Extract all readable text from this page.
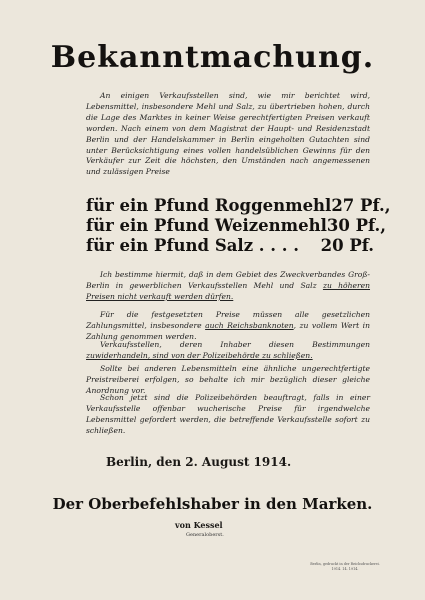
Bekanntmachung.
An einigen Verkaufsstellen sind, wie mir berichtet wird, Lebensmittel, insbesondere Mehl und Salz, zu übertrieben hohen, durch die Lage des Marktes in keiner Weise gerechtfertigten Preisen verkauft worden. Nach einem von dem Magistrat der Haupt- und Residenzstadt Berlin und der Handelskammer in Berlin eingeholten Gutachten sind unter Berücksichtigung eines vollen handelsüblichen Gewinns für den Verkäufer zur Zeit die höchsten, den Umständen nach angemessenen und zulässigen Preise
für ein Pfund Roggenmehl 27 Pf.,
für ein Pfund Weizenmehl 30 Pf.,
für ein Pfund Salz . . . . 20 Pf.
Ich bestimme hiermit, daß in dem Gebiet des Zweckverbandes Groß-Berlin in gewerblichen Verkaufsstellen Mehl und Salz zu höheren Preisen nicht verkauft werden dürfen.
Für die festgesetzten Preise müssen alle gesetzlichen Zahlungsmittel, insbesondere auch Reichsbanknoten, zu vollem Wert in Zahlung genommen werden.
Verkaufsstellen, deren Inhaber diesen Bestimmungen zuwiderhandeln, sind von der Polizeibehörde zu schließen.
Sollte bei anderen Lebensmitteln eine ähnliche ungerechtfertigte Preistreiberei erfolgen, so behalte ich mir bezüglich dieser gleiche Anordnung vor.
Schon jetzt sind die Polizeibehörden beauftragt, falls in einer Verkaufsstelle offenbar wucherische Preise für irgendwelche Lebensmittel gefordert werden, die betreffende Verkaufsstelle sofort zu schließen.
Berlin, den 2. August 1914.
Der Oberbefehlshaber in den Marken.
von Kessel
Generaloberst.
Berlin, gedruckt in der Reichsdruckerei.
1914. 14. 1914.
